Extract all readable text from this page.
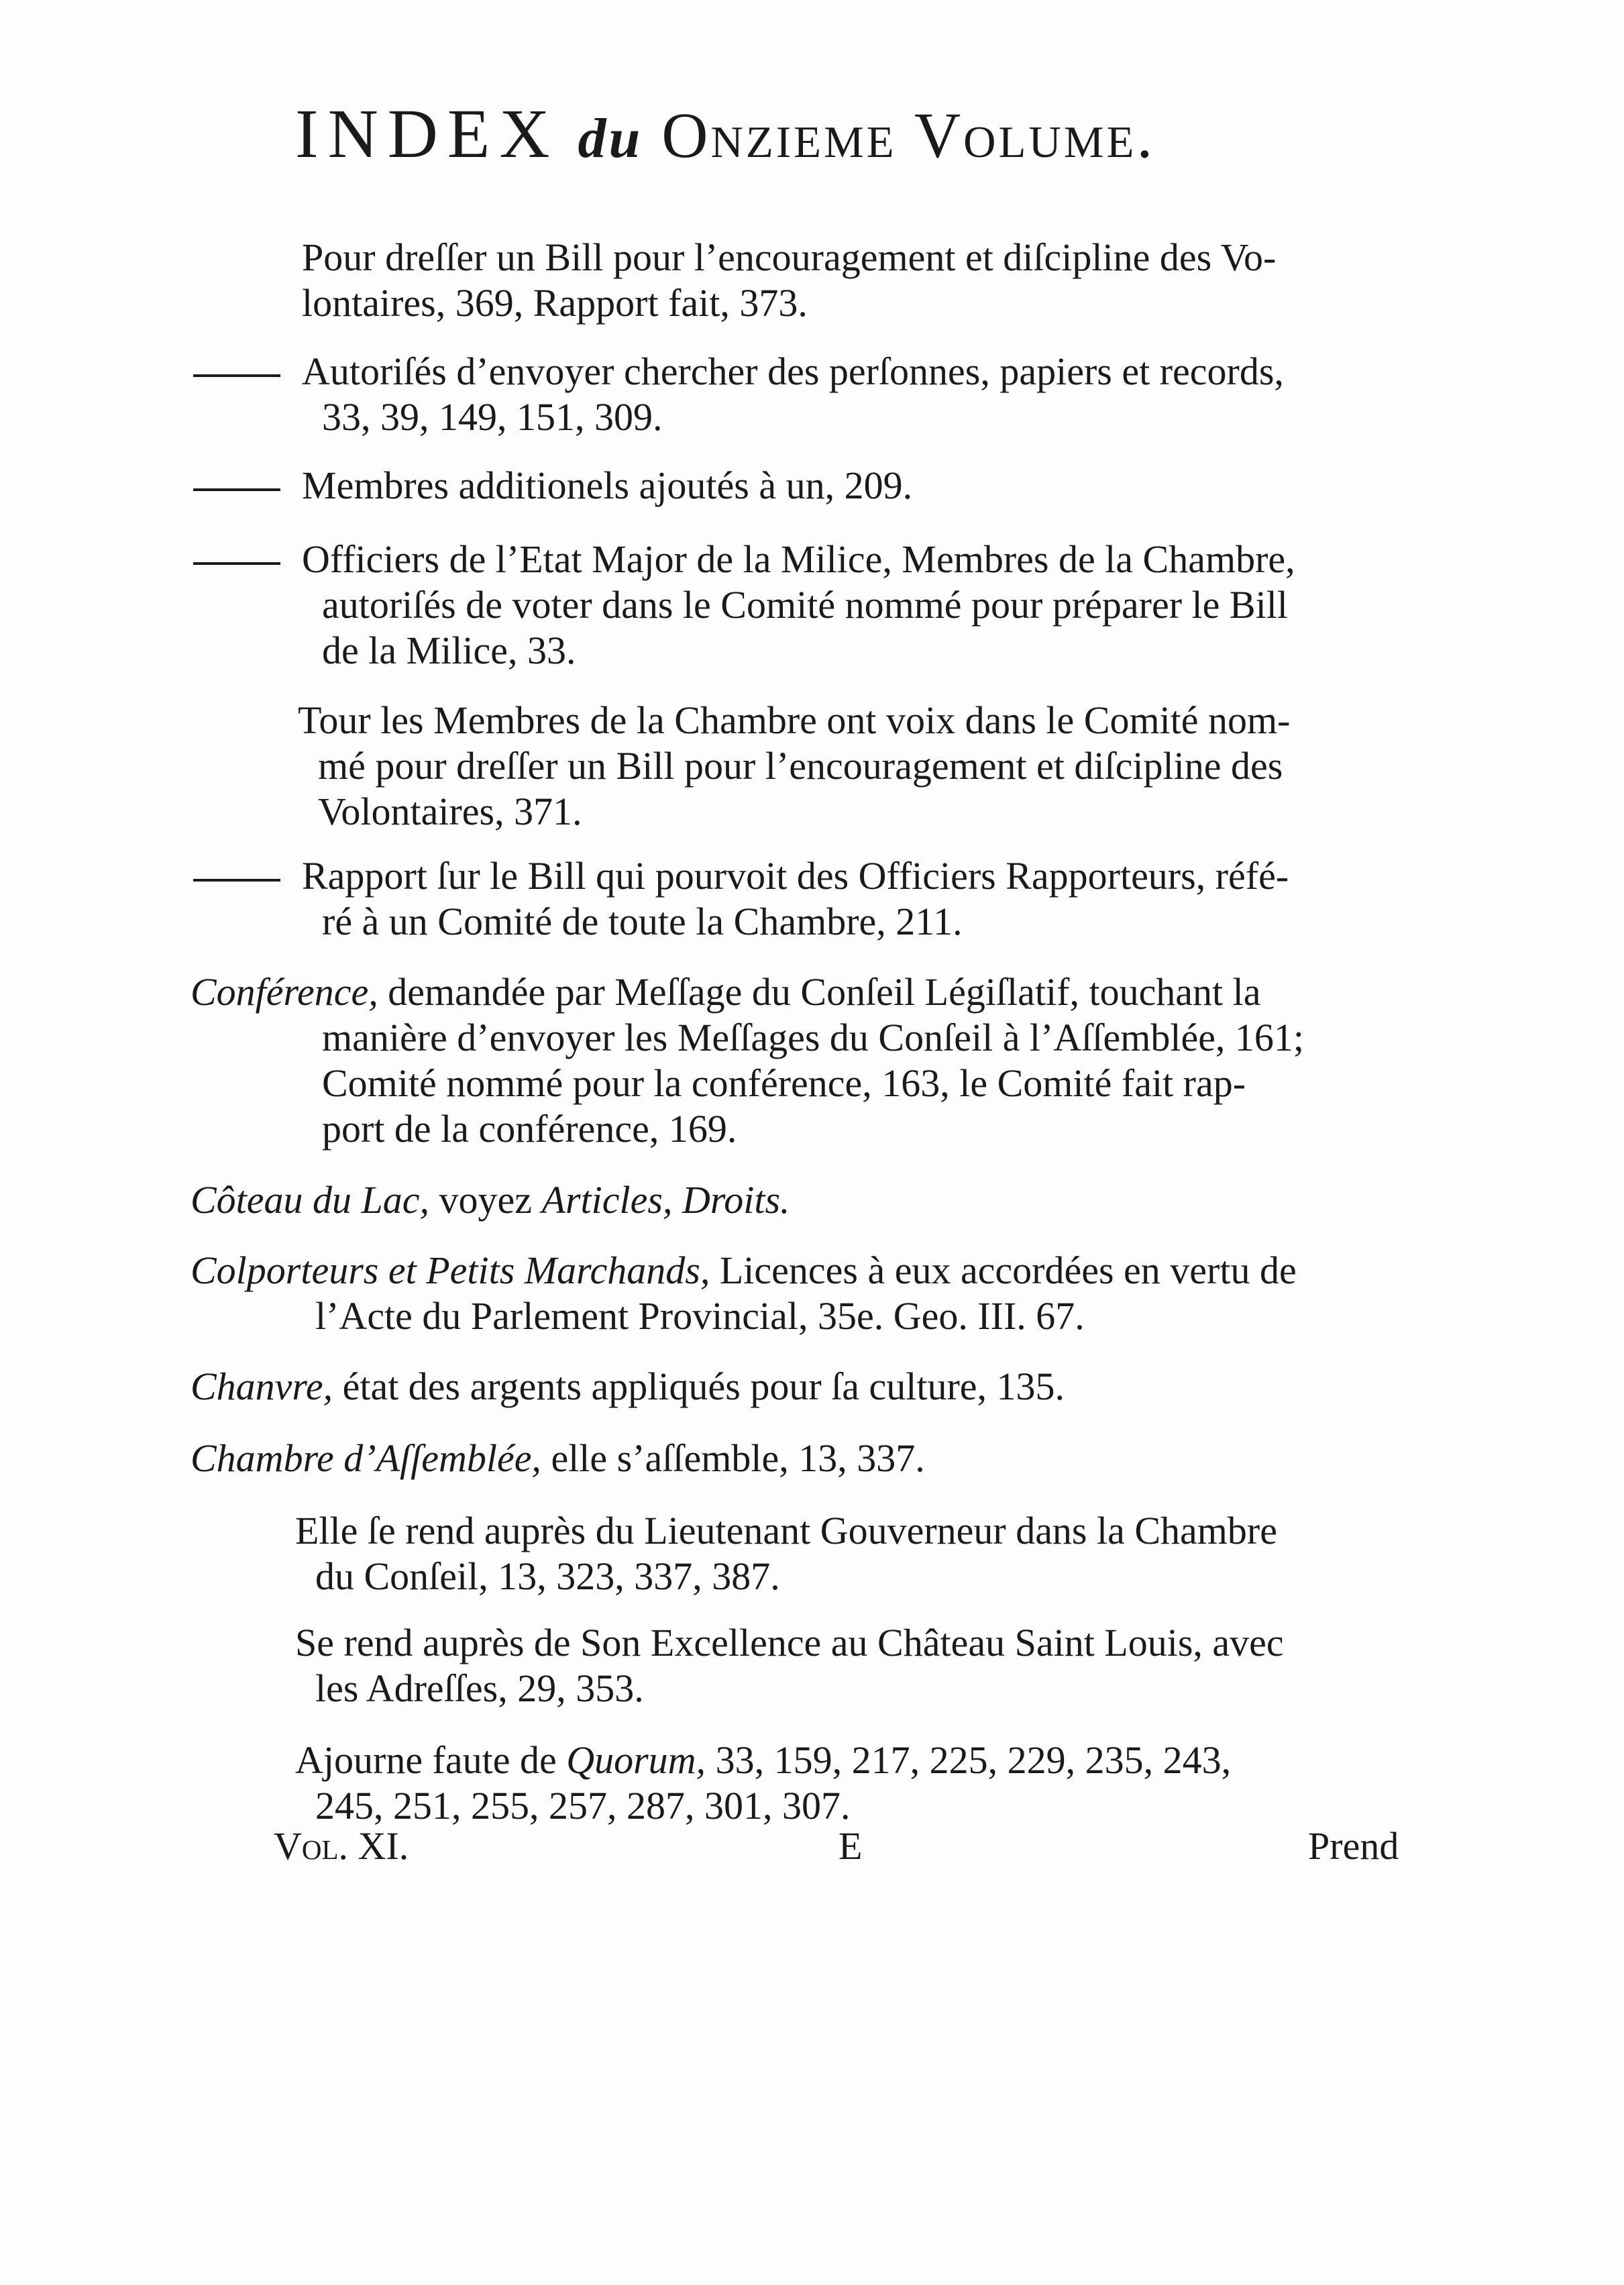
INDEX du Onzieme Volume.
Pour dreſſer un Bill pour l’encouragement et diſcipline des Vo-
lontaires, 369, Rapport fait, 373.
Autoriſés d’envoyer chercher des perſonnes, papiers et records,
33, 39, 149, 151, 309.
Membres additionels ajoutés à un, 209.
Officiers de l’Etat Major de la Milice, Membres de la Chambre,
autoriſés de voter dans le Comité nommé pour préparer le Bill
de la Milice, 33.
Tour les Membres de la Chambre ont voix dans le Comité nom-
mé pour dreſſer un Bill pour l’encouragement et diſcipline des
Volontaires, 371.
Rapport ſur le Bill qui pourvoit des Officiers Rapporteurs, réfé-
ré à un Comité de toute la Chambre, 211.
Conférence, demandée par Meſſage du Conſeil Légiſlatif, touchant la
manière d’envoyer les Meſſages du Conſeil à l’Aſſemblée, 161;
Comité nommé pour la conférence, 163, le Comité fait rap-
port de la conférence, 169.
Côteau du Lac, voyez Articles, Droits.
Colporteurs et Petits Marchands, Licences à eux accordées en vertu de
l’Acte du Parlement Provincial, 35e. Geo. III. 67.
Chanvre, état des argents appliqués pour ſa culture, 135.
Chambre d’Aſſemblée, elle s’aſſemble, 13, 337.
Elle ſe rend auprès du Lieutenant Gouverneur dans la Chambre
du Conſeil, 13, 323, 337, 387.
Se rend auprès de Son Excellence au Château Saint Louis, avec
les Adreſſes, 29, 353.
Ajourne faute de Quorum, 33, 159, 217, 225, 229, 235, 243,
245, 251, 255, 257, 287, 301, 307.
Vol. XI.	E	Prend
